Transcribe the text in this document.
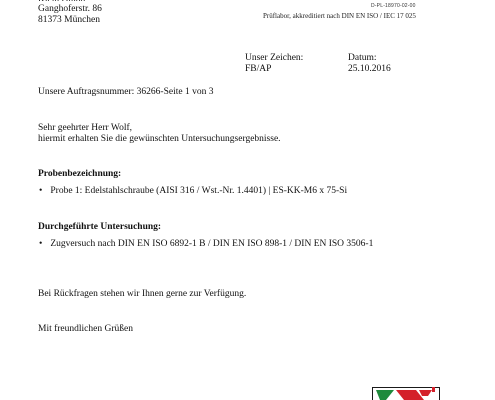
Ganghoferstr. 86
81373 München
D-PL-18970-02-00
Prüflabor, akkreditiert nach DIN EN ISO / IEC 17 025
Unser Zeichen:
FB/AP
Datum:
25.10.2016
Unsere Auftragsnummer: 36266-Seite 1 von 3
Sehr geehrter Herr Wolf,
hiermit erhalten Sie die gewünschten Untersuchungsergebnisse.
Probenbezeichnung:
• Probe 1: Edelstahlschraube (AISI 316 / Wst.-Nr. 1.4401) | ES-KK-M6 x 75-Si
Durchgeführte Untersuchung:
• Zugversuch nach DIN EN ISO 6892-1 B / DIN EN ISO 898-1 / DIN EN ISO 3506-1
Bei Rückfragen stehen wir Ihnen gerne zur Verfügung.
Mit freundlichen Grüßen
